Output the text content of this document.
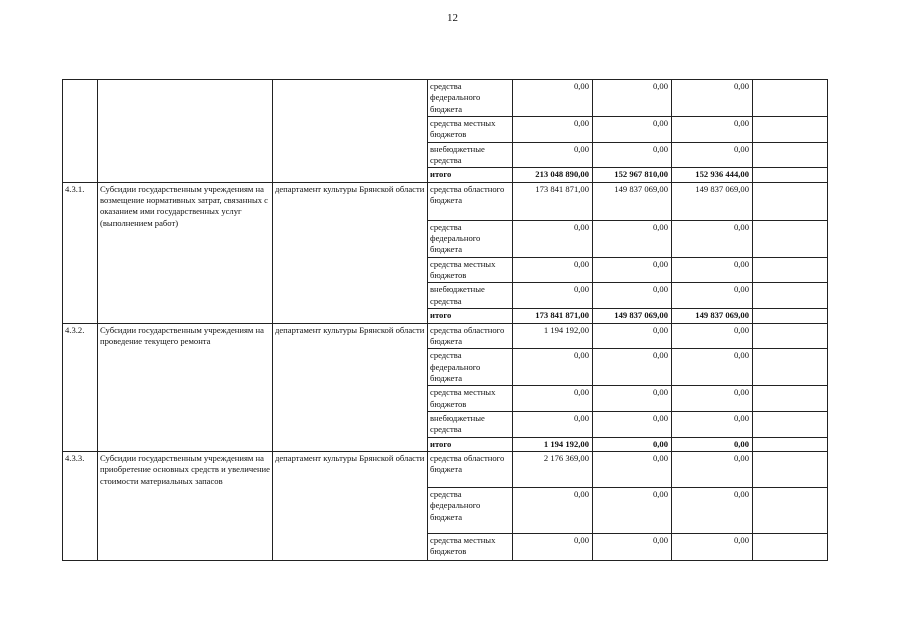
12
			средства федерального бюджета	0,00	0,00	0,00	
			средства местных бюджетов	0,00	0,00	0,00	
			внебюджетные средства	0,00	0,00	0,00	
			итого	213 048 890,00	152 967 810,00	152 936 444,00	
4.3.1.	Субсидии государственным учреждениям на возмещение нормативных затрат, связанных с оказанием ими государственных услуг (выполнением работ)	департамент культуры Брянской области	средства областного бюджета	173 841 871,00	149 837 069,00	149 837 069,00	
			средства федерального бюджета	0,00	0,00	0,00	
			средства местных бюджетов	0,00	0,00	0,00	
			внебюджетные средства	0,00	0,00	0,00	
			итого	173 841 871,00	149 837 069,00	149 837 069,00	
4.3.2.	Субсидии государственным учреждениям на проведение текущего ремонта	департамент культуры Брянской области	средства областного бюджета	1 194 192,00	0,00	0,00	
			средства федерального бюджета	0,00	0,00	0,00	
			средства местных бюджетов	0,00	0,00	0,00	
			внебюджетные средства	0,00	0,00	0,00	
			итого	1 194 192,00	0,00	0,00	
4.3.3.	Субсидии государственным учреждениям на приобретение основных средств и увеличение стоимости материальных запасов	департамент культуры Брянской области	средства областного бюджета	2 176 369,00	0,00	0,00	
			средства федерального бюджета	0,00	0,00	0,00	
			средства местных бюджетов	0,00	0,00	0,00	
